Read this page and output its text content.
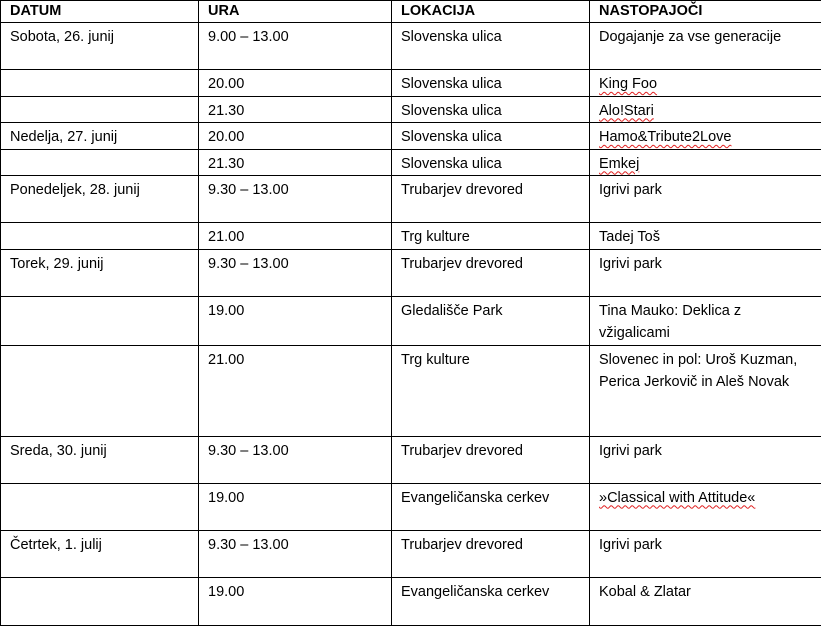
DATUM	URA	LOKACIJA	NASTOPAJOČI
Sobota, 26. junij	9.00 – 13.00	Slovenska ulica	Dogajanje za vse generacije
	20.00	Slovenska ulica	King Foo
	21.30	Slovenska ulica	Alo!Stari
Nedelja, 27. junij	20.00	Slovenska ulica	Hamo&Tribute2Love
	21.30	Slovenska ulica	Emkej
Ponedeljek, 28. junij	9.30 – 13.00	Trubarjev drevored	Igrivi park
	21.00	Trg kulture	Tadej Toš
Torek, 29. junij	9.30 – 13.00	Trubarjev drevored	Igrivi park
	19.00	Gledališče Park	Tina Mauko: Deklica z vžigalicami
	21.00	Trg kulture	Slovenec in pol: Uroš Kuzman, Perica Jerkovič in Aleš Novak
Sreda, 30. junij	9.30 – 13.00	Trubarjev drevored	Igrivi park
	19.00	Evangeličanska cerkev	»Classical with Attitude«
Četrtek, 1. julij	9.30 – 13.00	Trubarjev drevored	Igrivi park
	19.00	Evangeličanska cerkev	Kobal & Zlatar
